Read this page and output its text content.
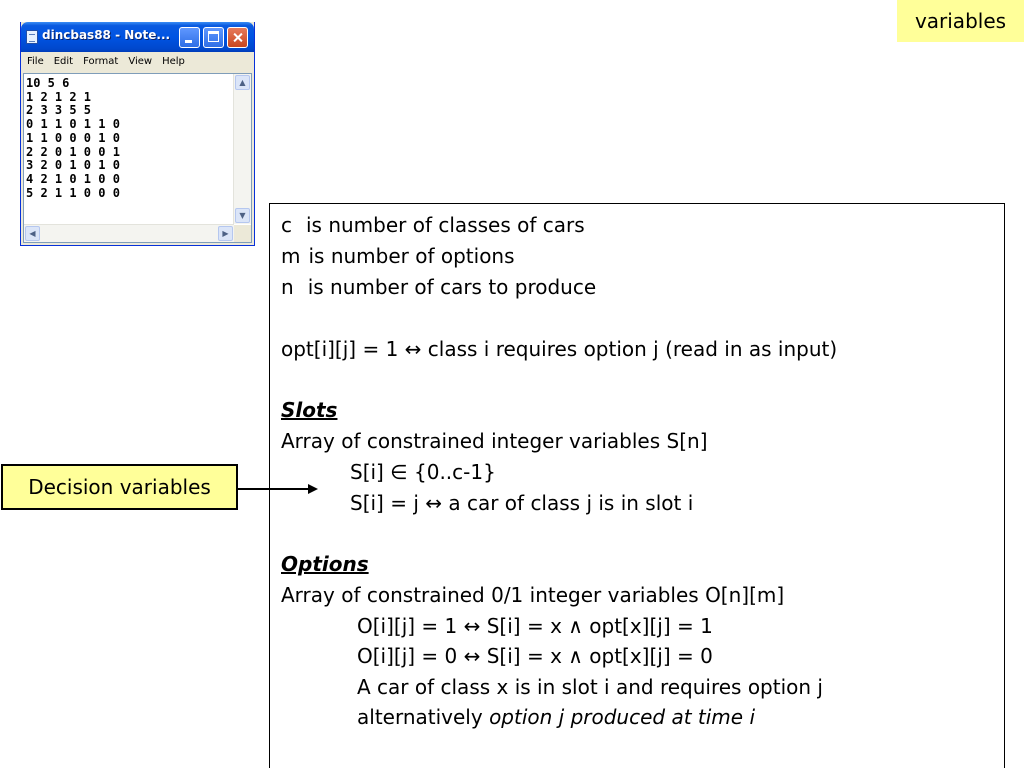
variables
dincbas88 - Note...
File	Edit	Format	View	Help
10 5 6
1 2 1 2 1
2 3 3 5 5
0 1 1 0 1 1 0
1 1 0 0 0 1 0
2 2 0 1 0 0 1
3 2 0 1 0 1 0
4 2 1 0 1 0 0
5 2 1 1 0 0 0
▲
▼
◀	▶
Decision variables
c is number of classes of cars
m is number of options
n is number of cars to produce
opt[i][j] = 1 ↔ class i requires option j (read in as input)
Slots
Array of constrained integer variables S[n]
S[i] ∈ {0..c-1}
S[i] = j ↔ a car of class j is in slot i
Options
Array of constrained 0/1 integer variables O[n][m]
O[i][j] = 1 ↔ S[i] = x ∧ opt[x][j] = 1
O[i][j] = 0 ↔ S[i] = x ∧ opt[x][j] = 0
A car of class x is in slot i and requires option j
alternatively option j produced at time i
